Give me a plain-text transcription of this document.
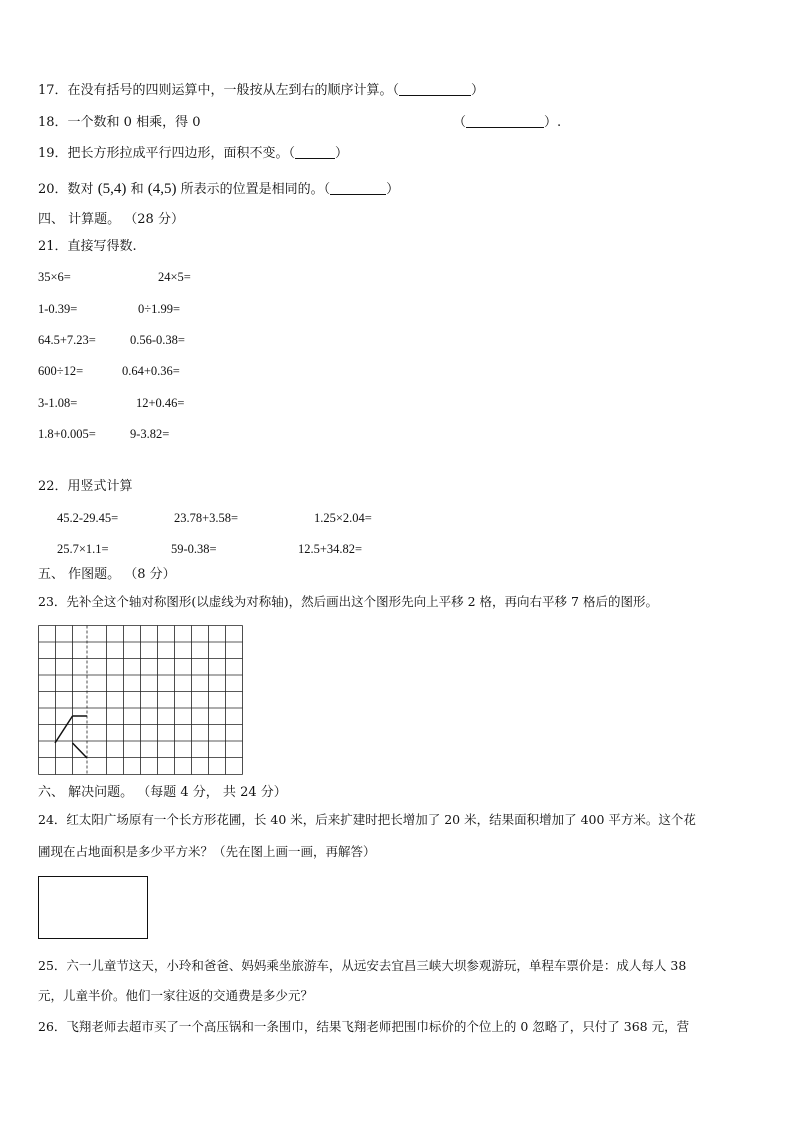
17．在没有括号的四则运算中，一般按从左到右的顺序计算。（	）
18．一个数和 0 相乘，得 0	（	）.
19．把长方形拉成平行四边形，面积不变。（	）
20．数对 (5,4) 和 (4,5) 所表示的位置是相同的。（	）
四、 计算题。 （28 分）
21．直接写得数.
35×6=	24×5=
1-0.39=	0÷1.99=
64.5+7.23=	0.56-0.38=
600÷12=	0.64+0.36=
3-1.08=	12+0.46=
1.8+0.005=	9-3.82=
22．用竖式计算
45.2-29.45=	23.78+3.58=	1.25×2.04=
25.7×1.1=	59-0.38=	12.5+34.82=
五、 作图题。 （8 分）
23．先补全这个轴对称图形(以虚线为对称轴)，然后画出这个图形先向上平移 2 格，再向右平移 7 格后的图形。
六、 解决问题。 （每题 4 分， 共 24 分）
24．红太阳广场原有一个长方形花圃，长 40 米，后来扩建时把长增加了 20 米，结果面积增加了 400 平方米。这个花
圃现在占地面积是多少平方米？（先在图上画一画，再解答）
25．六一儿童节这天，小玲和爸爸、妈妈乘坐旅游车，从远安去宜昌三峡大坝参观游玩，单程车票价是：成人每人 38
元，儿童半价。他们一家往返的交通费是多少元？
26．飞翔老师去超市买了一个高压锅和一条围巾，结果飞翔老师把围巾标价的个位上的 0 忽略了，只付了 368 元，营
